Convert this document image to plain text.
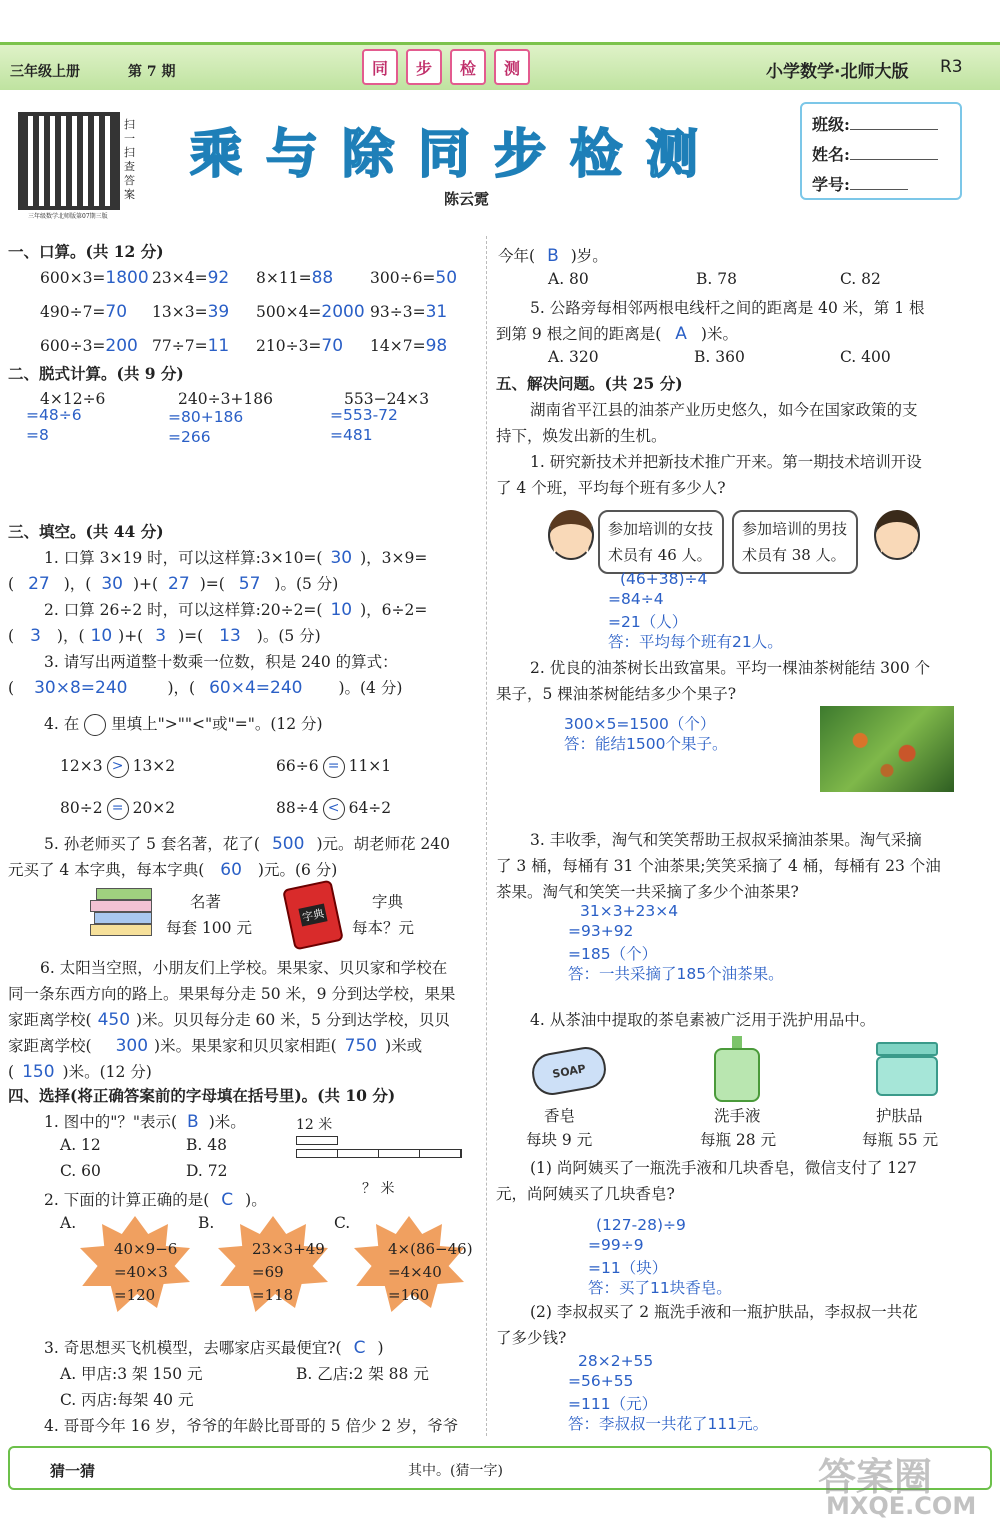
三年级上册	第 7 期	同	步	检	测	小学数学·北师大版 R3
扫一扫查答案
三年级数学北师版第07期三版
乘与除同步检测
陈云霓
班级:
姓名:
学号:
一、口算。(共 12 分)
600×3=1800 23×4=92 8×11=88 300÷6=50
490÷7=70 13×3=39 500×4=2000 93÷3=31
600÷3=200 77÷7=11 210÷3=70 14×7=98
二、脱式计算。(共 9 分)
4×12÷6
=48÷6
=8
240÷3+186
=80+186
=266
553−24×3
=553-72
=481
三、填空。(共 44 分)
1. 口算 3×19 时，可以这样算:3×10=( 30 )，3×9=
( 27 )，( 30 )+( 27 )=( 57 )。(5 分)
2. 口算 26÷2 时，可以这样算:20÷2=( 10 )，6÷2=
( 3 )，( 10 )+( 3 )=( 13 )。(5 分)
3. 请写出两道整十数乘一位数，积是 240 的算式：
( 30×8=240	)，( 60×4=240 )。(4 分)
4. 在 里填上">""<"或"="。(12 分)
12×3 > 13×2	66÷6 = 11×1
80÷2 = 20×2	88÷4 < 64÷2
5. 孙老师买了 5 套名著，花了( 500 )元。胡老师花 240
元买了 4 本字典，每本字典( 60 )元。(6 分)
名著
每套 100 元
字典
字典
每本？元
6. 太阳当空照，小朋友们上学校。果果家、贝贝家和学校在
同一条东西方向的路上。果果每分走 50 米，9 分到达学校，果果
家距离学校( 450 )米。贝贝每分走 60 米，5 分到达学校，贝贝
家距离学校( 300 )米。果果家和贝贝家相距( 750 )米或
( 150 )米。(12 分)
四、选择(将正确答案前的字母填在括号里)。(共 10 分)
1. 图中的"？"表示( B )米。	12 米
？ 米
A. 12	B. 48
C. 60	D. 72
2. 下面的计算正确的是( C )。
A.
40×9−6
=40×3
=120
B.
23×3+49
=69
=118
C.
4×(86−46)
=4×40
=160
3. 奇思想买飞机模型，去哪家店买最便宜?( C )
A. 甲店:3 架 150 元	B. 乙店:2 架 88 元
C. 丙店:每架 40 元
4. 哥哥今年 16 岁，爷爷的年龄比哥哥的 5 倍少 2 岁，爷爷
今年( B )岁。
A. 80	B. 78	C. 82
5. 公路旁每相邻两根电线杆之间的距离是 40 米，第 1 根
到第 9 根之间的距离是( A )米。
A. 320	B. 360	C. 400
五、解决问题。(共 25 分)
湖南省平江县的油茶产业历史悠久，如今在国家政策的支
持下，焕发出新的生机。
1. 研究新技术并把新技术推广开来。第一期技术培训开设
了 4 个班，平均每个班有多少人?
参加培训的女技
术员有 46 人。
参加培训的男技
术员有 38 人。
(46+38)÷4
=84÷4
=21（人）
答：平均每个班有21人。
2. 优良的油茶树长出致富果。平均一棵油茶树能结 300 个
果子，5 棵油茶树能结多少个果子?
300×5=1500（个）
答：能结1500个果子。
3. 丰收季，淘气和笑笑帮助王叔叔采摘油茶果。淘气采摘
了 3 桶，每桶有 31 个油茶果;笑笑采摘了 4 桶，每桶有 23 个油
茶果。淘气和笑笑一共采摘了多少个油茶果?
31×3+23×4
=93+92
=185（个）
答：一共采摘了185个油茶果。
4. 从茶油中提取的茶皂素被广泛用于洗护用品中。
SOAP
香皂
每块 9 元
洗手液
每瓶 28 元
护肤品
每瓶 55 元
(1) 尚阿姨买了一瓶洗手液和几块香皂，微信支付了 127
元，尚阿姨买了几块香皂?
(127-28)÷9
=99÷9
=11（块）
答：买了11块香皂。
(2) 李叔叔买了 2 瓶洗手液和一瓶护肤品，李叔叔一共花
了多少钱?
28×2+55
=56+55
=111（元）
答：李叔叔一共花了111元。
猜一猜	其中。(猜一字)	答案圈
MXQE.COM
